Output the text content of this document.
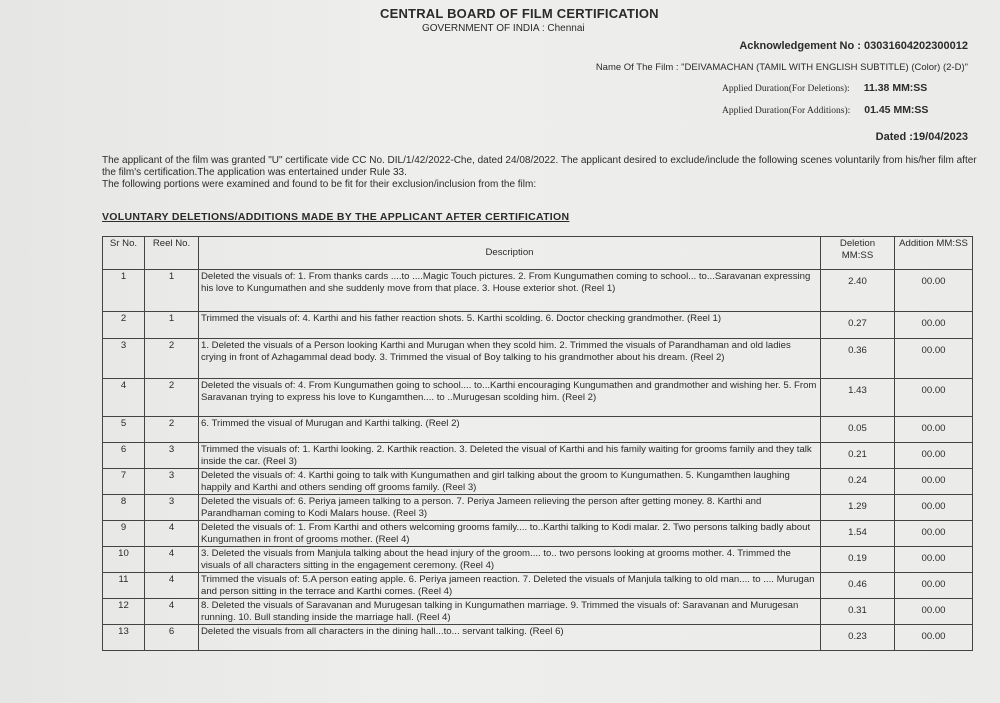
CENTRAL BOARD OF FILM CERTIFICATION
GOVERNMENT OF INDIA : Chennai
Acknowledgement No : 03031604202300012
Name Of The Film : "DEIVAMACHAN (TAMIL WITH ENGLISH SUBTITLE) (Color) (2-D)"
Applied Duration(For Deletions): 11.38 MM:SS
Applied Duration(For Additions): 01.45 MM:SS
Dated :19/04/2023
The applicant of the film was granted "U" certificate vide CC No. DIL/1/42/2022-Che, dated 24/08/2022. The applicant desired to exclude/include the following scenes voluntarily from his/her film after the film's certification.The application was entertained under Rule 33.
The following portions were examined and found to be fit for their exclusion/inclusion from the film:
VOLUNTARY DELETIONS/ADDITIONS MADE BY THE APPLICANT AFTER CERTIFICATION
Sr No.	Reel No.	Description	Deletion MM:SS	Addition MM:SS
1	1	Deleted the visuals of: 1. From thanks cards ....to ....Magic Touch pictures. 2. From Kungumathen coming to school... to...Saravanan expressing his love to Kungumathen and she suddenly move from that place. 3. House exterior shot. (Reel 1)	2.40	00.00
2	1	Trimmed the visuals of: 4. Karthi and his father reaction shots. 5. Karthi scolding. 6. Doctor checking grandmother. (Reel 1)	0.27	00.00
3	2	1. Deleted the visuals of a Person looking Karthi and Murugan when they scold him. 2. Trimmed the visuals of Parandhaman and old ladies crying in front of Azhagammal dead body. 3. Trimmed the visual of Boy talking to his grandmother about his dream. (Reel 2)	0.36	00.00
4	2	Deleted the visuals of: 4. From Kungumathen going to school.... to...Karthi encouraging Kungumathen and grandmother and wishing her. 5. From Saravanan trying to express his love to Kungamthen.... to ..Murugesan scolding him. (Reel 2)	1.43	00.00
5	2	6. Trimmed the visual of Murugan and Karthi talking. (Reel 2)	0.05	00.00
6	3	Trimmed the visuals of: 1. Karthi looking. 2. Karthik reaction. 3. Deleted the visual of Karthi and his family waiting for grooms family and they talk inside the car. (Reel 3)	0.21	00.00
7	3	Deleted the visuals of: 4. Karthi going to talk with Kungumathen and girl talking about the groom to Kungumathen. 5. Kungamthen laughing happily and Karthi and others sending off grooms family. (Reel 3)	0.24	00.00
8	3	Deleted the visuals of: 6. Periya jameen talking to a person. 7. Periya Jameen relieving the person after getting money. 8. Karthi and Parandhaman coming to Kodi Malars house. (Reel 3)	1.29	00.00
9	4	Deleted the visuals of: 1. From Karthi and others welcoming grooms family.... to..Karthi talking to Kodi malar. 2. Two persons talking badly about Kungumathen in front of grooms mother. (Reel 4)	1.54	00.00
10	4	3. Deleted the visuals from Manjula talking about the head injury of the groom.... to.. two persons looking at grooms mother. 4. Trimmed the visuals of all characters sitting in the engagement ceremony. (Reel 4)	0.19	00.00
11	4	Trimmed the visuals of: 5.A person eating apple. 6. Periya jameen reaction. 7. Deleted the visuals of Manjula talking to old man.... to .... Murugan and person sitting in the terrace and Karthi comes. (Reel 4)	0.46	00.00
12	4	8. Deleted the visuals of Saravanan and Murugesan talking in Kungumathen marriage. 9. Trimmed the visuals of: Saravanan and Murugesan running. 10. Bull standing inside the marriage hall. (Reel 4)	0.31	00.00
13	6	Deleted the visuals from all characters in the dining hall...to... servant talking. (Reel 6)	0.23	00.00
